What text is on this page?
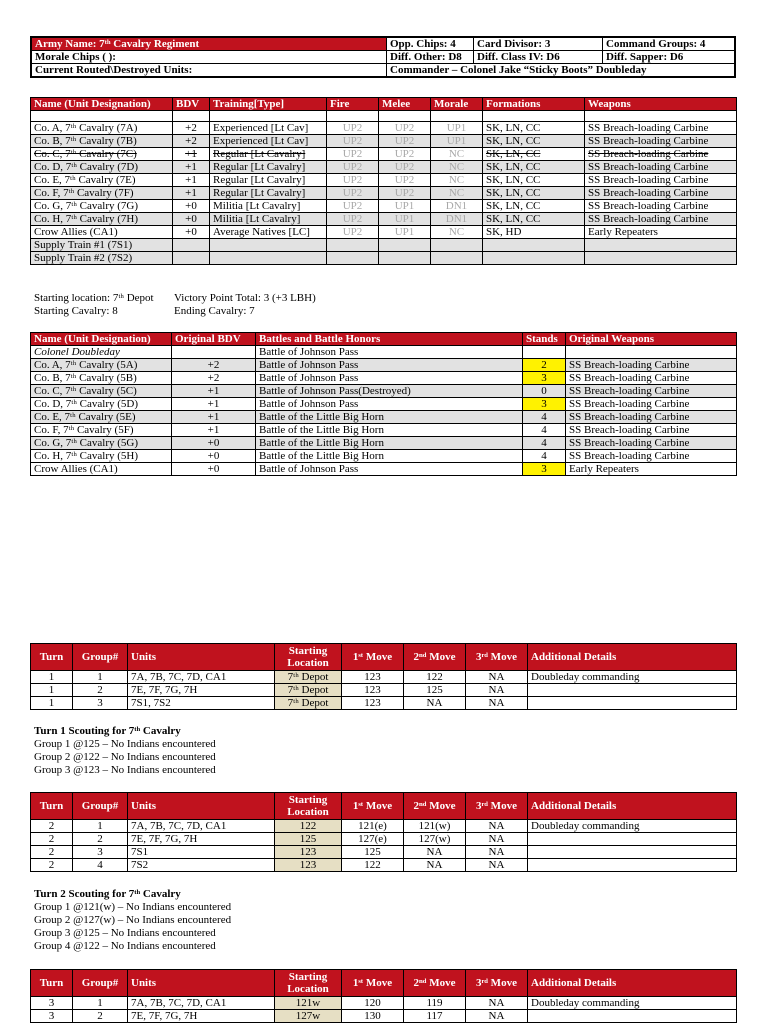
Army Name: 7ᵗʰ Cavalry Regiment	Opp. Chips: 4	Card Divisor: 3	Command Groups: 4
Morale Chips ( ):	Diff. Other: D8	Diff. Class IV: D6	Diff. Sapper: D6
Current Routed\Destroyed Units:	Commander – Colonel Jake “Sticky Boots” Doubleday		
Name (Unit Designation)	BDV	Training[Type]	Fire	Melee	Morale	Formations	Weapons

Co. A, 7ᵗʰ Cavalry (7A)	+2	Experienced [Lt Cav]	UP2	UP2	UP1	SK, LN, CC	SS Breach-loading Carbine
Co. B, 7ᵗʰ Cavalry (7B)	+2	Experienced [Lt Cav]	UP2	UP2	UP1	SK, LN, CC	SS Breach-loading Carbine
Co. C, 7ᵗʰ Cavalry (7C)	+1	Regular [Lt Cavalry]	UP2	UP2	NC	SK, LN, CC	SS Breach-loading Carbine
Co. D, 7ᵗʰ Cavalry (7D)	+1	Regular [Lt Cavalry]	UP2	UP2	NC	SK, LN, CC	SS Breach-loading Carbine
Co. E, 7ᵗʰ Cavalry (7E)	+1	Regular [Lt Cavalry]	UP2	UP2	NC	SK, LN, CC	SS Breach-loading Carbine
Co. F, 7ᵗʰ Cavalry (7F)	+1	Regular [Lt Cavalry]	UP2	UP2	NC	SK, LN, CC	SS Breach-loading Carbine
Co. G, 7ᵗʰ Cavalry (7G)	+0	Militia [Lt Cavalry]	UP2	UP1	DN1	SK, LN, CC	SS Breach-loading Carbine
Co. H, 7ᵗʰ Cavalry (7H)	+0	Militia [Lt Cavalry]	UP2	UP1	DN1	SK, LN, CC	SS Breach-loading Carbine
Crow Allies (CA1)	+0	Average Natives [LC]	UP2	UP1	NC	SK, HD	Early Repeaters
Supply Train #1 (7S1)							
Supply Train #2 (7S2)							
Starting location: 7ᵗʰ Depot Victory Point Total: 3 (+3 LBH)
Starting Cavalry: 8	Ending Cavalry: 7
Name (Unit Designation)	Original BDV	Battles and Battle Honors	Stands	Original Weapons
Colonel Doubleday		Battle of Johnson Pass		
Co. A, 7ᵗʰ Cavalry (5A)	+2	Battle of Johnson Pass	2	SS Breach-loading Carbine
Co. B, 7ᵗʰ Cavalry (5B)	+2	Battle of Johnson Pass	3	SS Breach-loading Carbine
Co. C, 7ᵗʰ Cavalry (5C)	+1	Battle of Johnson Pass(Destroyed)	0	SS Breach-loading Carbine
Co. D, 7ᵗʰ Cavalry (5D)	+1	Battle of Johnson Pass	3	SS Breach-loading Carbine
Co. E, 7ᵗʰ Cavalry (5E)	+1	Battle of the Little Big Horn	4	SS Breach-loading Carbine
Co. F, 7ᵗʰ Cavalry (5F)	+1	Battle of the Little Big Horn	4	SS Breach-loading Carbine
Co. G, 7ᵗʰ Cavalry (5G)	+0	Battle of the Little Big Horn	4	SS Breach-loading Carbine
Co. H, 7ᵗʰ Cavalry (5H)	+0	Battle of the Little Big Horn	4	SS Breach-loading Carbine
Crow Allies (CA1)	+0	Battle of Johnson Pass	3	Early Repeaters
Turn	Group#	Units	Starting Location	1ˢᵗ Move	2ⁿᵈ Move	3ʳᵈ Move	Additional Details
1	1	7A, 7B, 7C, 7D, CA1	7ᵗʰ Depot	123	122	NA	Doubleday commanding
1	2	7E, 7F, 7G, 7H	7ᵗʰ Depot	123	125	NA	
1	3	7S1, 7S2	7ᵗʰ Depot	123	NA	NA	
Turn 1 Scouting for 7ᵗʰ Cavalry
Group 1 @125 – No Indians encountered
Group 2 @122 – No Indians encountered
Group 3 @123 – No Indians encountered
Turn	Group#	Units	Starting Location	1ˢᵗ Move	2ⁿᵈ Move	3ʳᵈ Move	Additional Details
2	1	7A, 7B, 7C, 7D, CA1	122	121(e)	121(w)	NA	Doubleday commanding
2	2	7E, 7F, 7G, 7H	125	127(e)	127(w)	NA	
2	3	7S1	123	125	NA	NA	
2	4	7S2	123	122	NA	NA	
Turn 2 Scouting for 7ᵗʰ Cavalry
Group 1 @121(w) – No Indians encountered
Group 2 @127(w) – No Indians encountered
Group 3 @125 – No Indians encountered
Group 4 @122 – No Indians encountered
Turn	Group#	Units	Starting Location	1ˢᵗ Move	2ⁿᵈ Move	3ʳᵈ Move	Additional Details
3	1	7A, 7B, 7C, 7D, CA1	121w	120	119	NA	Doubleday commanding
3	2	7E, 7F, 7G, 7H	127w	130	117	NA	
